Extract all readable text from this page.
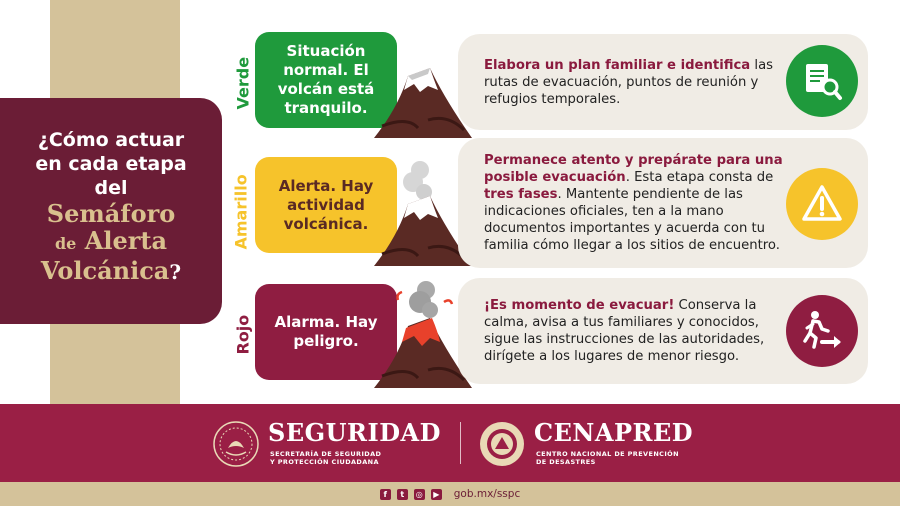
¿Cómo actuar
en cada etapa
del
Semáforo
de Alerta
Volcánica?
Verde
Situación normal. El volcán está tranquilo.
Elabora un plan familiar e identifica las rutas de evacuación, puntos de reunión y refugios temporales.
Amarillo	Alerta. Hay actividad volcánica.
Permanece atento y prepárate para una posible evacuación. Esta etapa consta de tres fases. Mantente pendiente de las indicaciones oficiales, ten a la mano documentos importantes y acuerda con tu familia cómo llegar a los sitios de encuentro.
Rojo	Alarma. Hay peligro.
¡Es momento de evacuar! Conserva la calma, avisa a tus familiares y conocidos, sigue las instrucciones de las autoridades, dirígete a los lugares de menor riesgo.
SEGURIDAD
SECRETARÍA DE SEGURIDAD
Y PROTECCIÓN CIUDADANA
CENAPRED
CENTRO NACIONAL DE PREVENCIÓN
DE DESASTRES
f	t	◎	▶ gob.mx/sspc
